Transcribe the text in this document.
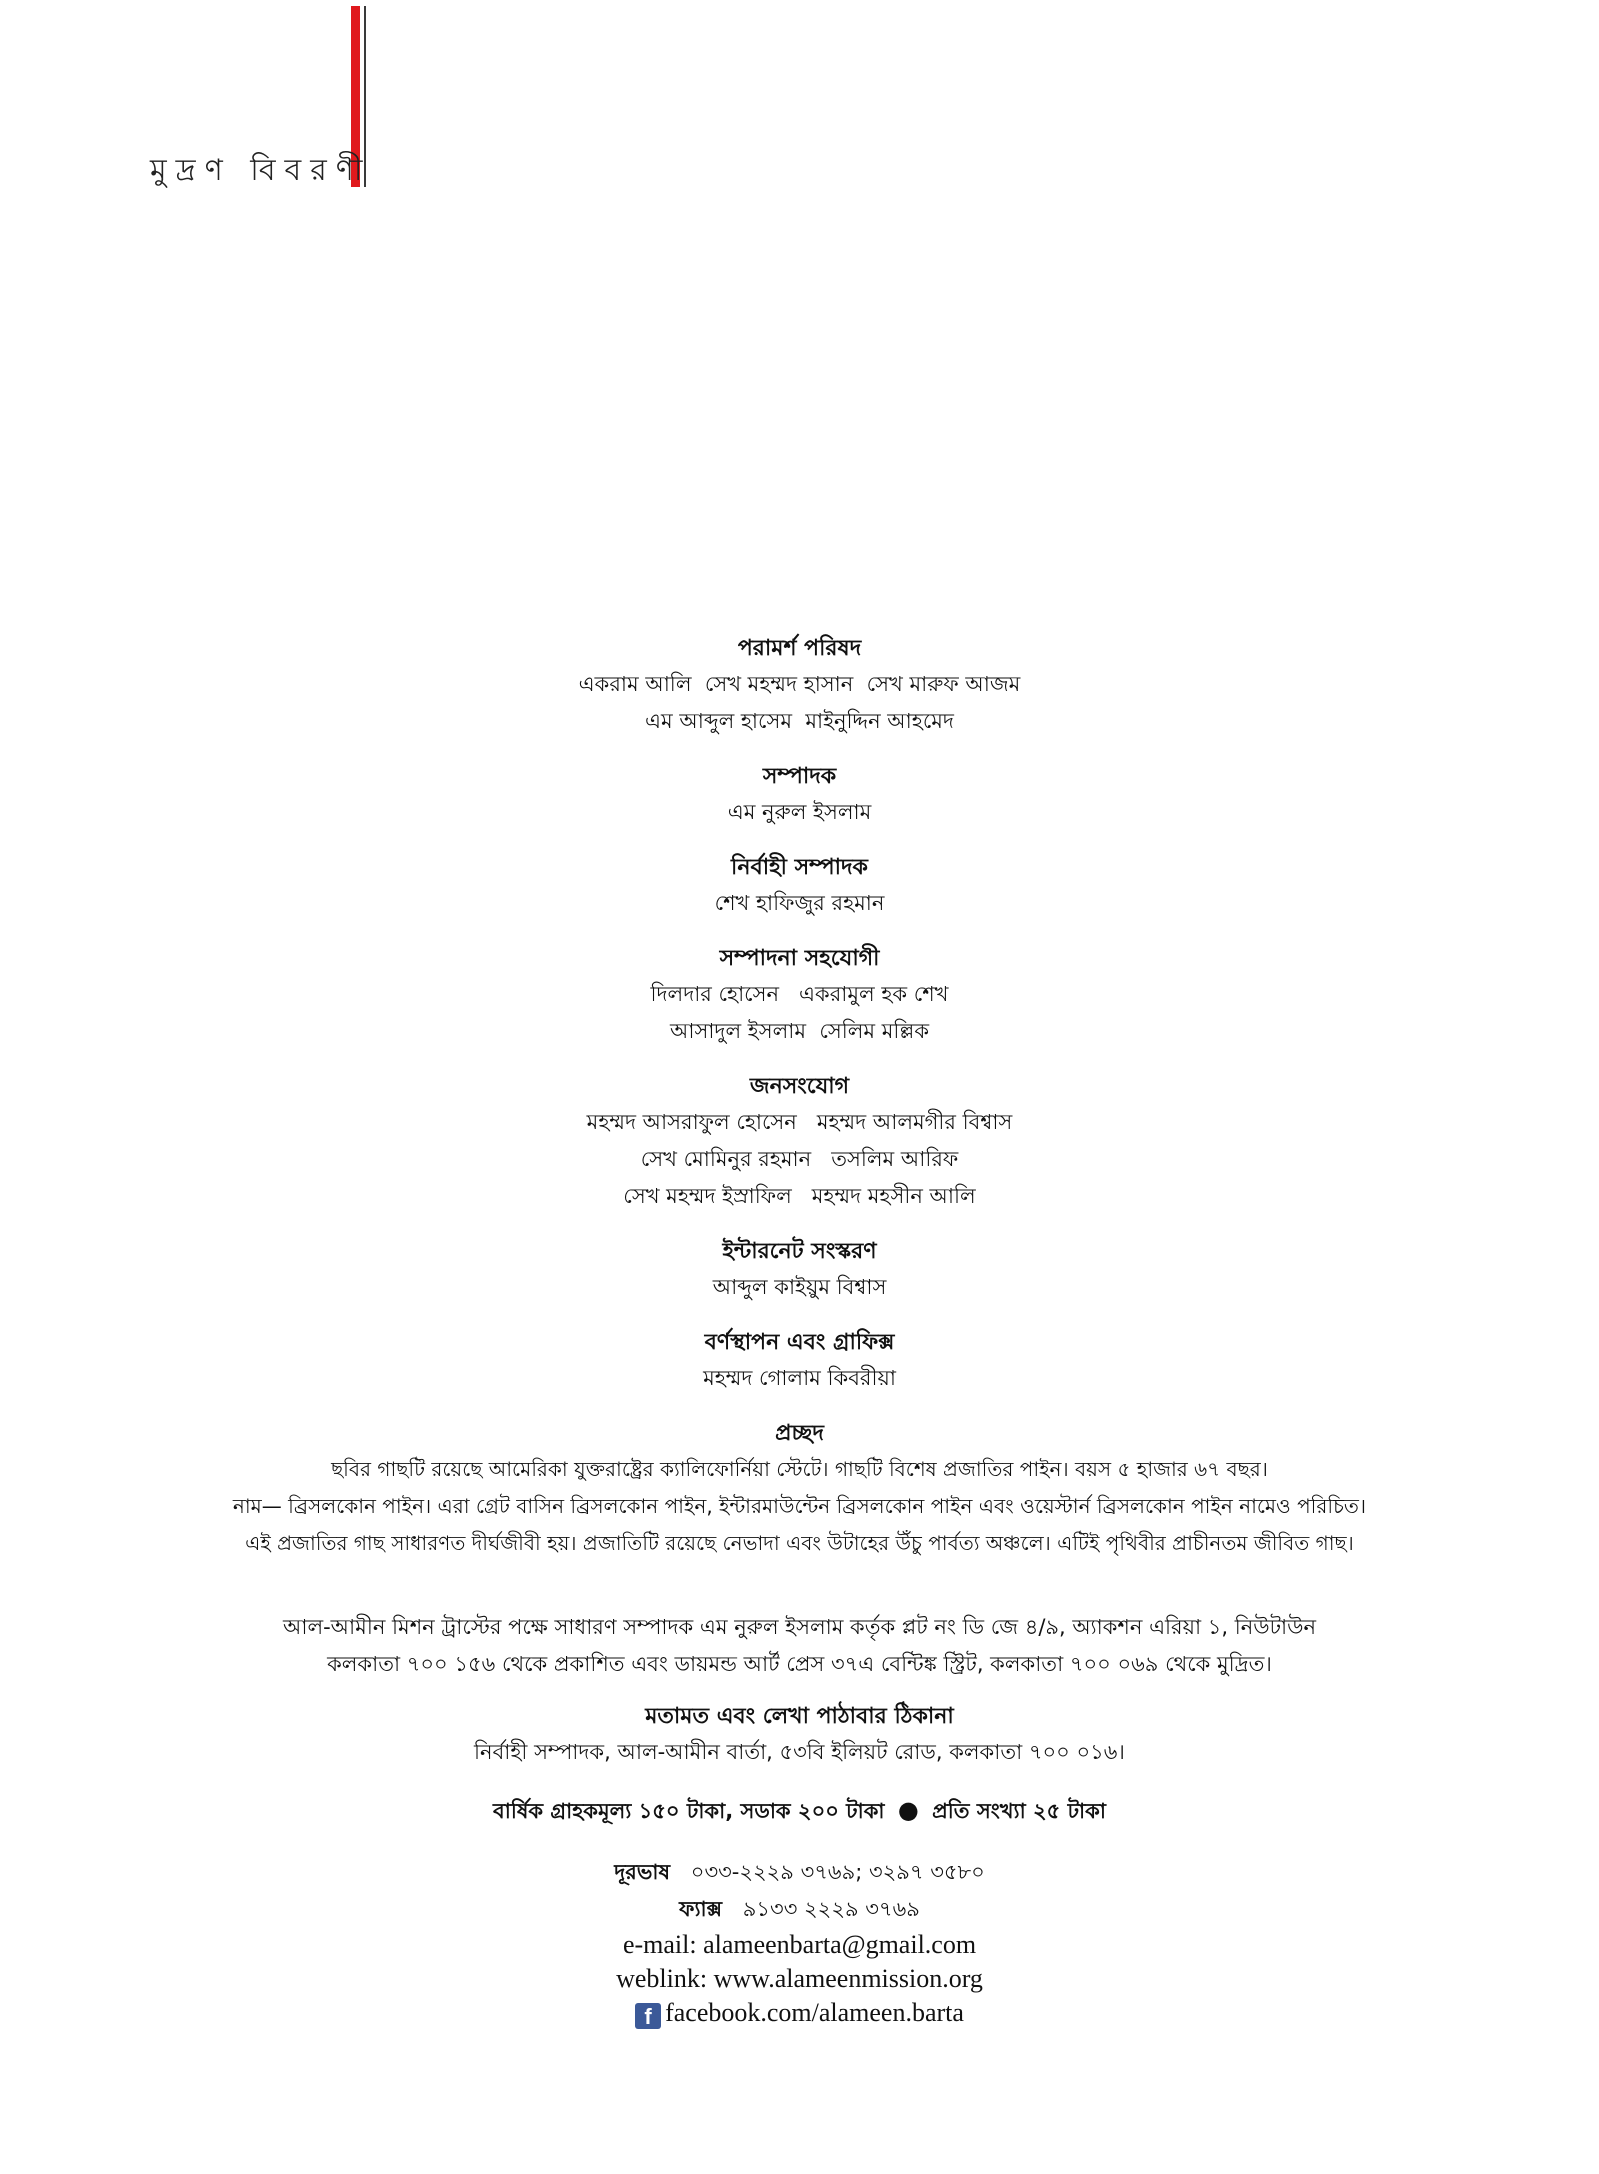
মুদ্রণ বিবরণী
পরামর্শ পরিষদ
একরাম আলি  সেখ মহম্মদ হাসান  সেখ মারুফ আজম
এম আব্দুল হাসেম  মাইনুদ্দিন আহমেদ
সম্পাদক
এম নুরুল ইসলাম
নির্বাহী সম্পাদক
শেখ হাফিজুর রহমান
সম্পাদনা সহযোগী
দিলদার হোসেন   একরামুল হক শেখ
আসাদুল ইসলাম  সেলিম মল্লিক
জনসংযোগ
মহম্মদ আসরাফুল হোসেন   মহম্মদ আলমগীর বিশ্বাস
সেখ মোমিনুর রহমান   তসলিম আরিফ
সেখ মহম্মদ ইস্রাফিল   মহম্মদ মহসীন আলি
ইন্টারনেট সংস্করণ
আব্দুল কাইয়ুম বিশ্বাস
বর্ণস্থাপন এবং গ্রাফিক্স
মহম্মদ গোলাম কিবরীয়া
প্রচ্ছদ
ছবির গাছটি রয়েছে আমেরিকা যুক্তরাষ্ট্রের ক্যালিফোর্নিয়া স্টেটে। গাছটি বিশেষ প্রজাতির পাইন। বয়স ৫ হাজার ৬৭ বছর।
নাম— ব্রিসলকোন পাইন। এরা গ্রেট বাসিন ব্রিসলকোন পাইন, ইন্টারমাউন্টেন ব্রিসলকোন পাইন এবং ওয়েস্টার্ন ব্রিসলকোন পাইন নামেও পরিচিত।
এই প্রজাতির গাছ সাধারণত দীর্ঘজীবী হয়। প্রজাতিটি রয়েছে নেভাদা এবং উটাহের উঁচু পার্বত্য অঞ্চলে। এটিই পৃথিবীর প্রাচীনতম জীবিত গাছ।
আল-আমীন মিশন ট্রাস্টের পক্ষে সাধারণ সম্পাদক এম নুরুল ইসলাম কর্তৃক প্লট নং ডি জে ৪/৯, অ্যাকশন এরিয়া ১, নিউটাউন
কলকাতা ৭০০ ১৫৬ থেকে প্রকাশিত এবং ডায়মন্ড আর্ট প্রেস ৩৭এ বেন্টিঙ্ক স্ট্রিট, কলকাতা ৭০০ ০৬৯ থেকে মুদ্রিত।
মতামত এবং লেখা পাঠাবার ঠিকানা
নির্বাহী সম্পাদক, আল-আমীন বার্তা, ৫৩বি ইলিয়ট রোড, কলকাতা ৭০০ ০১৬।
বার্ষিক গ্রাহকমূল্য ১৫০ টাকা, সডাক ২০০ টাকা ● প্রতি সংখ্যা ২৫ টাকা
দূরভাষ ০৩৩-২২২৯ ৩৭৬৯; ৩২৯৭ ৩৫৮০
ফ্যাক্স ৯১৩৩ ২২২৯ ৩৭৬৯
e-mail: alameenbarta@gmail.com
weblink: www.alameenmission.org
f facebook.com/alameen.barta
